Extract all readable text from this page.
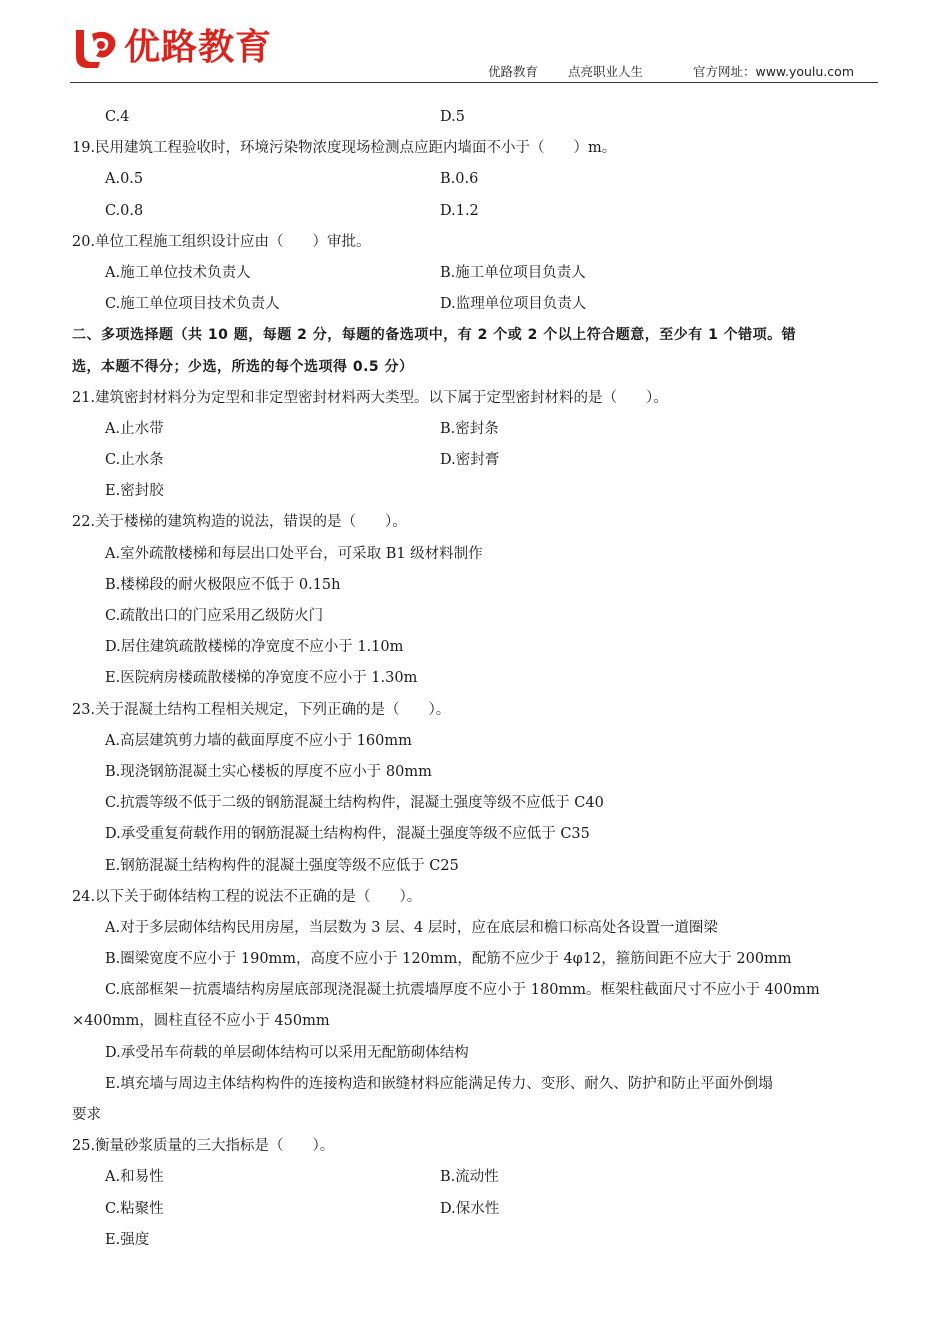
优路教育
优路教育 点亮职业人生	官方网址：www.youlu.com
C.4	D.5
19.民用建筑工程验收时，环境污染物浓度现场检测点应距内墙面不小于（　　）m。
A.0.5	B.0.6
C.0.8	D.1.2
20.单位工程施工组织设计应由（　　）审批。
A.施工单位技术负责人	B.施工单位项目负责人
C.施工单位项目技术负责人	D.监理单位项目负责人
二、多项选择题（共 10 题，每题 2 分，每题的备选项中，有 2 个或 2 个以上符合题意，至少有 1 个错项。错
选，本题不得分；少选，所选的每个选项得 0.5 分）
21.建筑密封材料分为定型和非定型密封材料两大类型。以下属于定型密封材料的是（　　）。
A.止水带	B.密封条
C.止水条	D.密封膏
E.密封胶
22.关于楼梯的建筑构造的说法，错误的是（　　）。
A.室外疏散楼梯和每层出口处平台，可采取 B1 级材料制作
B.楼梯段的耐火极限应不低于 0.15h
C.疏散出口的门应采用乙级防火门
D.居住建筑疏散楼梯的净宽度不应小于 1.10m
E.医院病房楼疏散楼梯的净宽度不应小于 1.30m
23.关于混凝土结构工程相关规定，下列正确的是（　　）。
A.高层建筑剪力墙的截面厚度不应小于 160mm
B.现浇钢筋混凝土实心楼板的厚度不应小于 80mm
C.抗震等级不低于二级的钢筋混凝土结构构件，混凝土强度等级不应低于 C40
D.承受重复荷载作用的钢筋混凝土结构构件，混凝土强度等级不应低于 C35
E.钢筋混凝土结构构件的混凝土强度等级不应低于 C25
24.以下关于砌体结构工程的说法不正确的是（　　）。
A.对于多层砌体结构民用房屋，当层数为 3 层、4 层时，应在底层和檐口标高处各设置一道圈梁
B.圈梁宽度不应小于 190mm，高度不应小于 120mm，配筋不应少于 4φ12，箍筋间距不应大于 200mm
C.底部框架－抗震墙结构房屋底部现浇混凝土抗震墙厚度不应小于 180mm。框架柱截面尺寸不应小于 400mm
×400mm，圆柱直径不应小于 450mm
D.承受吊车荷载的单层砌体结构可以采用无配筋砌体结构
E.填充墙与周边主体结构构件的连接构造和嵌缝材料应能满足传力、变形、耐久、防护和防止平面外倒塌
要求
25.衡量砂浆质量的三大指标是（　　）。
A.和易性	B.流动性
C.粘聚性	D.保水性
E.强度
